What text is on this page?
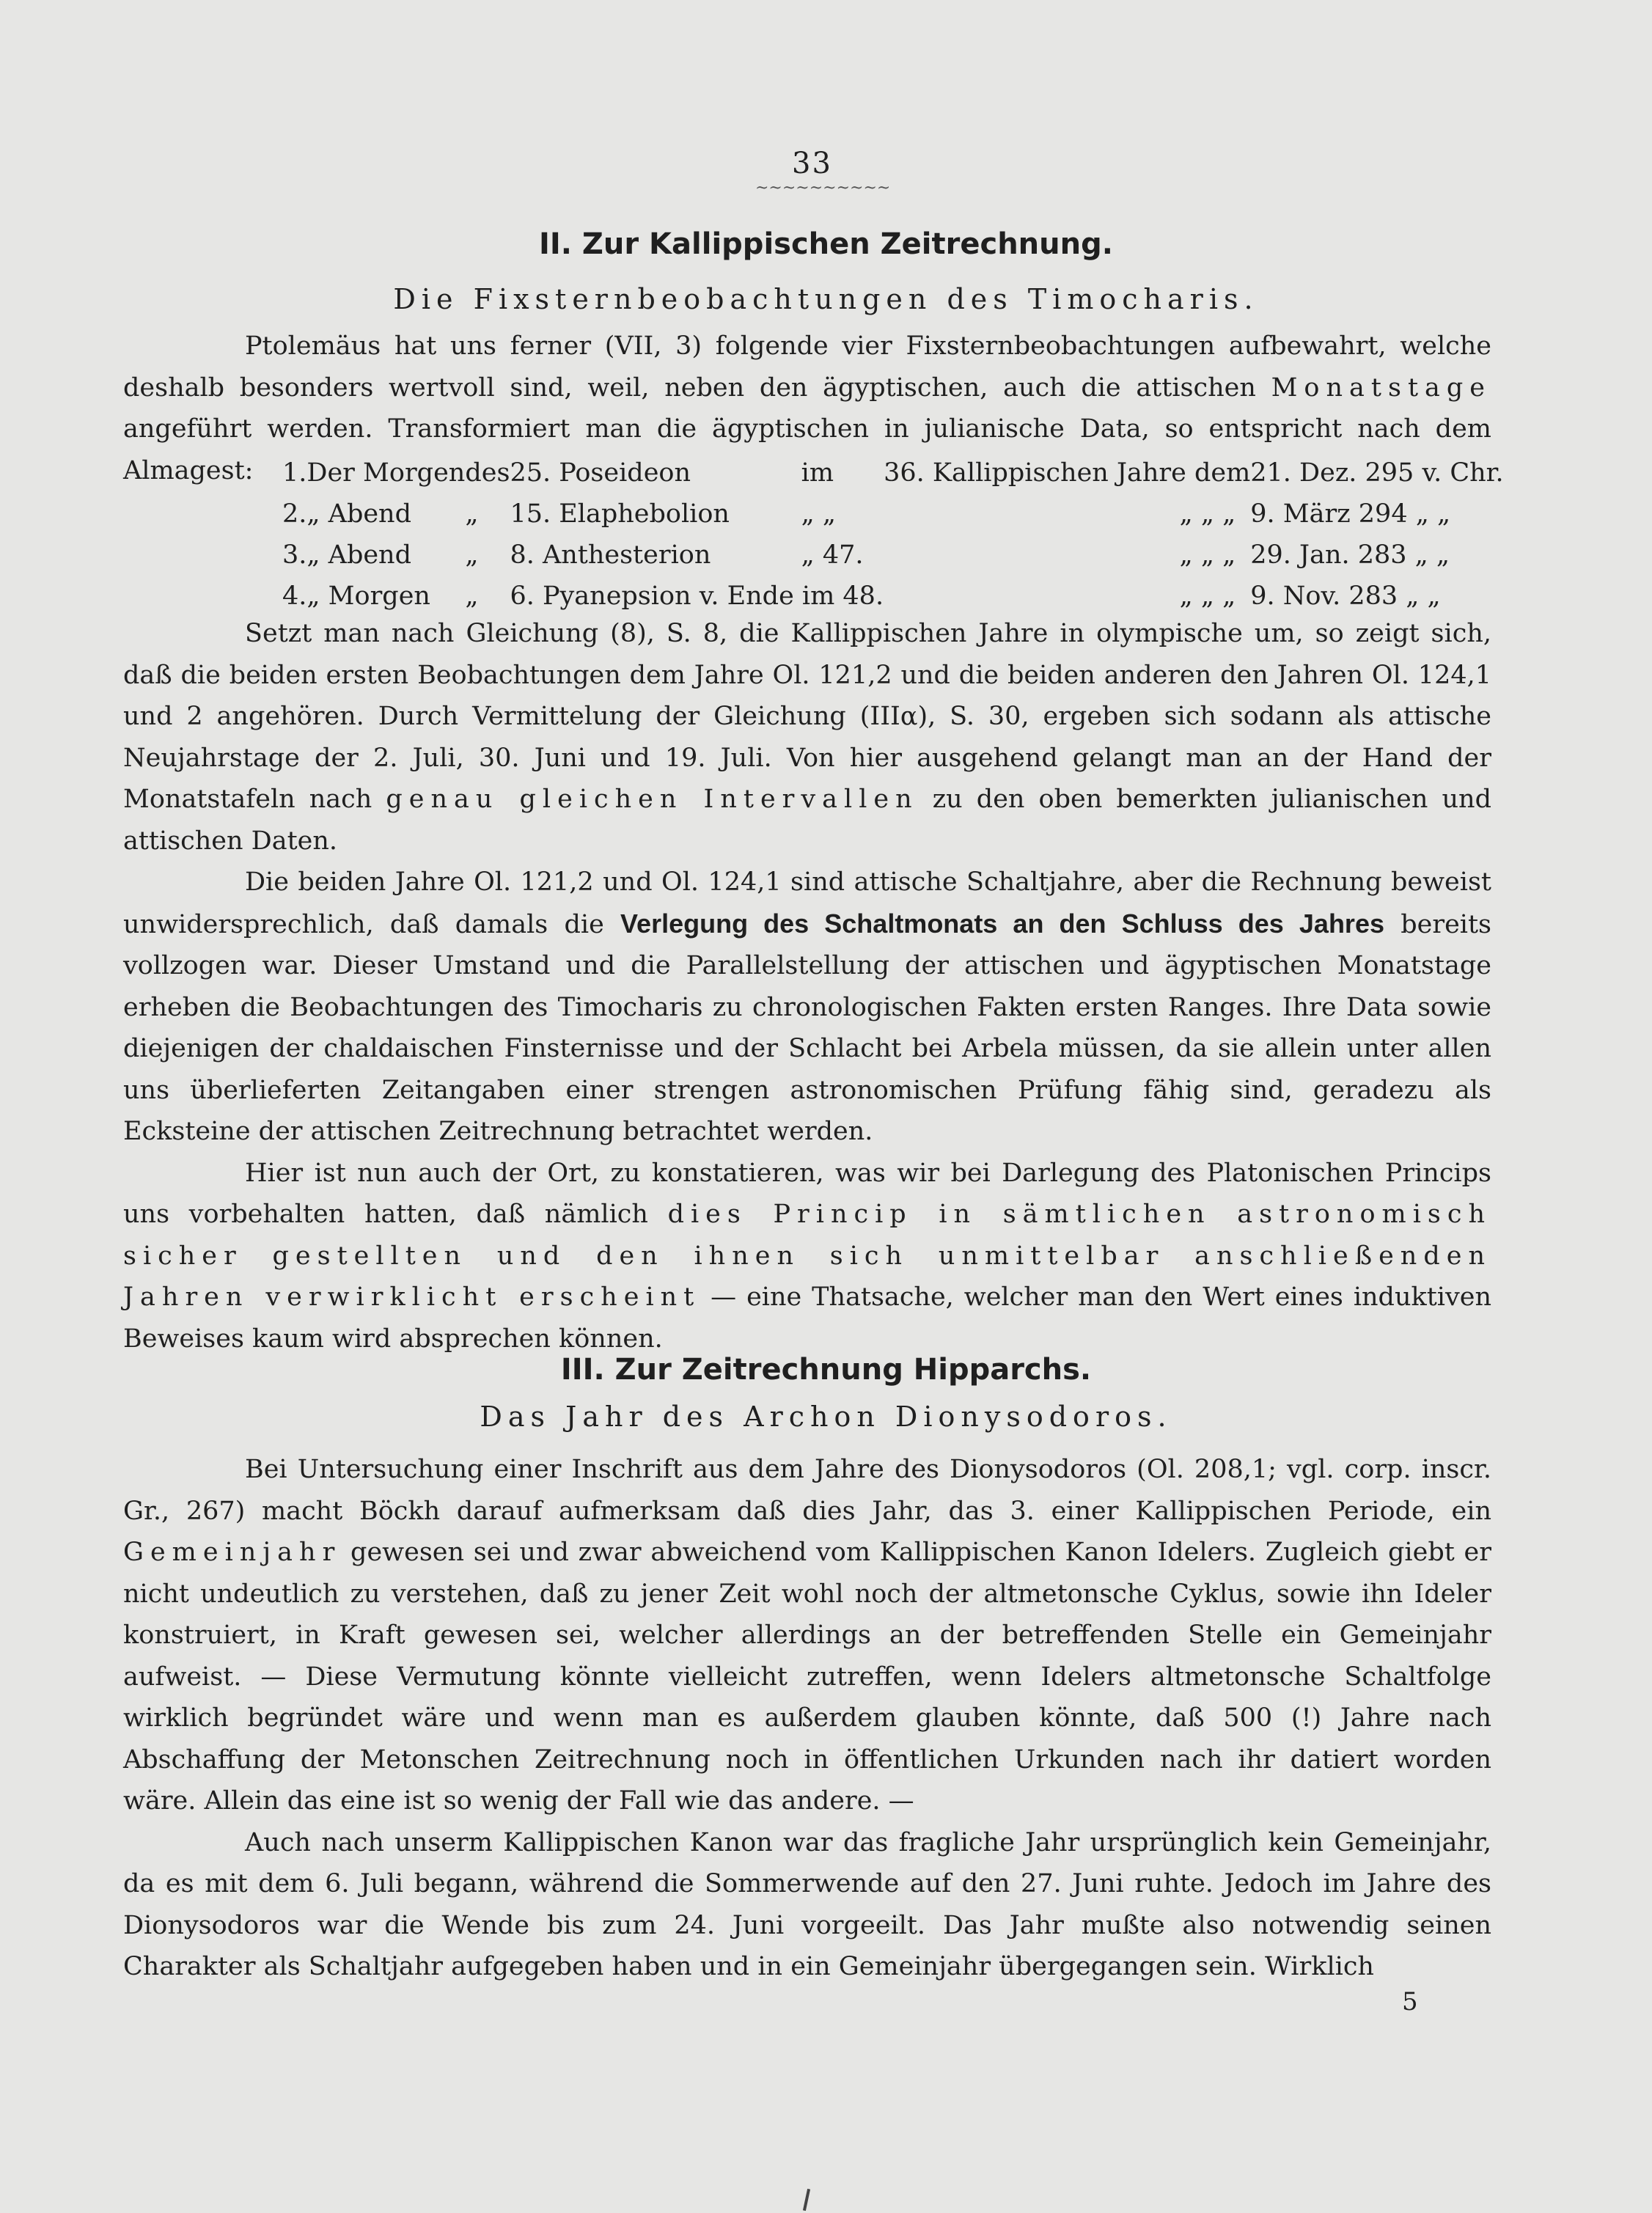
33
~~~~~~~~~~
II. Zur Kallippischen Zeitrechnung.
Die Fixsternbeobachtungen des Timocharis.

Ptolemäus hat uns ferner (VII, 3) folgende vier Fixsternbeobachtungen aufbewahrt, welche deshalb besonders wertvoll sind, weil, neben den ägyptischen, auch die attischen Monatstage angeführt werden. Transformiert man die ägyptischen in julianische Data, so entspricht nach dem Almagest:	1.	Der Morgen	des	25. Poseideon	im	36. Kallippischen Jahre dem	21. Dez. 295 v. Chr.
2.	„ Abend	„	15. Elaphebolion	„ „	„ „ „	9. März 294 „ „
3.	„ Abend	„	8. Anthesterion	„ 47.	„ „ „	29. Jan. 283 „ „
4.	„ Morgen	„	6. Pyanepsion v. Ende im 48.		„ „ „	9. Nov. 283 „ „

Setzt man nach Gleichung (8), S. 8, die Kallippischen Jahre in olympische um, so zeigt sich, daß die beiden ersten Beobachtungen dem Jahre Ol. 121,2 und die beiden anderen den Jahren Ol. 124,1 und 2 angehören. Durch Vermittelung der Gleichung (IIIα), S. 30, ergeben sich sodann als attische Neujahrstage der 2. Juli, 30. Juni und 19. Juli. Von hier ausgehend gelangt man an der Hand der Monatstafeln nach genau gleichen Intervallen zu den oben bemerkten julianischen und attischen Daten.

Die beiden Jahre Ol. 121,2 und Ol. 124,1 sind attische Schaltjahre, aber die Rechnung beweist unwidersprechlich, daß damals die Verlegung des Schaltmonats an den Schluss des Jahres bereits vollzogen war. Dieser Umstand und die Parallelstellung der attischen und ägyptischen Monatstage erheben die Beobachtungen des Timocharis zu chronologischen Fakten ersten Ranges. Ihre Data sowie diejenigen der chaldaischen Finsternisse und der Schlacht bei Arbela müssen, da sie allein unter allen uns überlieferten Zeitangaben einer strengen astronomischen Prüfung fähig sind, geradezu als Ecksteine der attischen Zeitrechnung betrachtet werden.

Hier ist nun auch der Ort, zu konstatieren, was wir bei Darlegung des Platonischen Princips uns vorbehalten hatten, daß nämlich dies Princip in sämtlichen astronomisch sicher gestellten und den ihnen sich unmittelbar anschließenden Jahren verwirklicht erscheint — eine Thatsache, welcher man den Wert eines induktiven Beweises kaum wird absprechen können.

III. Zur Zeitrechnung Hipparchs.
Das Jahr des Archon Dionysodoros.

Bei Untersuchung einer Inschrift aus dem Jahre des Dionysodoros (Ol. 208,1; vgl. corp. inscr. Gr., 267) macht Böckh darauf aufmerksam daß dies Jahr, das 3. einer Kallippischen Periode, ein Gemeinjahr gewesen sei und zwar abweichend vom Kallippischen Kanon Idelers. Zugleich giebt er nicht undeutlich zu verstehen, daß zu jener Zeit wohl noch der altmetonsche Cyklus, sowie ihn Ideler konstruiert, in Kraft gewesen sei, welcher allerdings an der betreffenden Stelle ein Gemeinjahr aufweist. — Diese Vermutung könnte vielleicht zutreffen, wenn Idelers altmetonsche Schaltfolge wirklich begründet wäre und wenn man es außerdem glauben könnte, daß 500 (!) Jahre nach Abschaffung der Metonschen Zeitrechnung noch in öffentlichen Urkunden nach ihr datiert worden wäre. Allein das eine ist so wenig der Fall wie das andere. —

Auch nach unserm Kallippischen Kanon war das fragliche Jahr ursprünglich kein Gemeinjahr, da es mit dem 6. Juli begann, während die Sommerwende auf den 27. Juni ruhte. Jedoch im Jahre des Dionysodoros war die Wende bis zum 24. Juni vorgeeilt. Das Jahr mußte also notwendig seinen Charakter als Schaltjahr aufgegeben haben und in ein Gemeinjahr übergegangen sein. Wirklich

5
